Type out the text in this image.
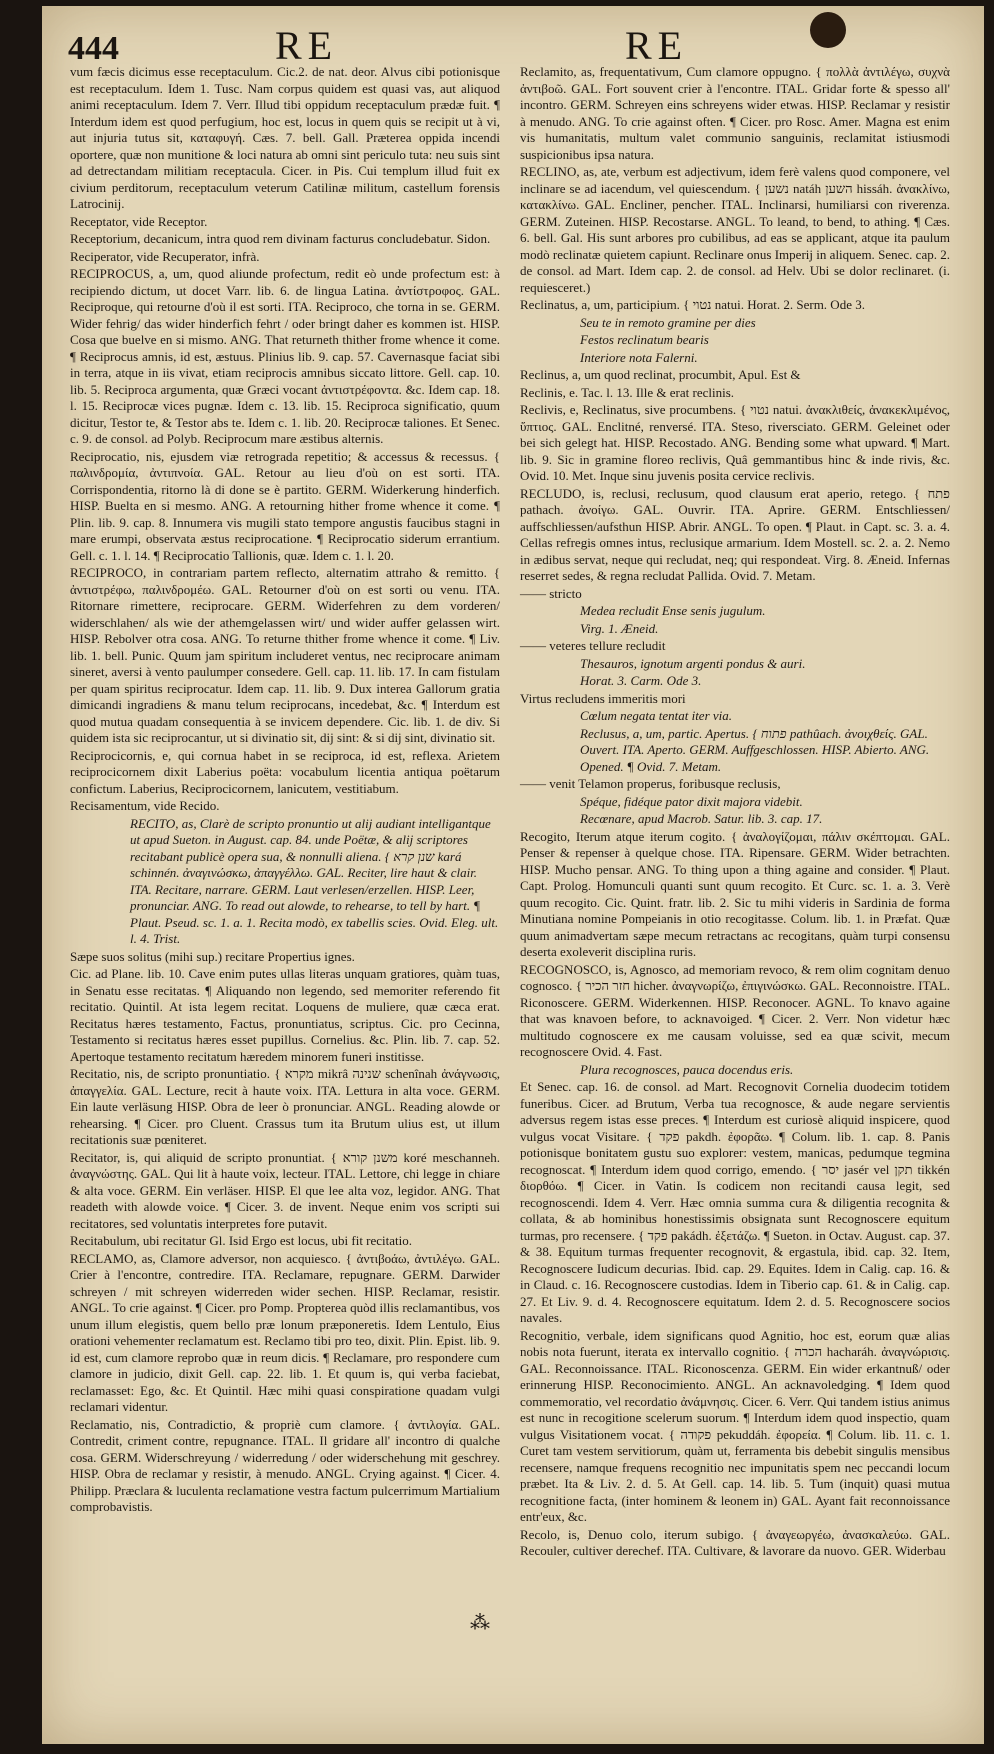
444	RE	RE

vum fæcis dicimus esse receptaculum. Cic.2. de nat. deor. Alvus cibi potionisque est receptaculum. Idem 1. Tusc. Nam corpus quidem est quasi vas, aut aliquod animi receptaculum. Idem 7. Verr. Illud tibi oppidum receptaculum prædæ fuit. ¶ Interdum idem est quod perfugium, hoc est, locus in quem quis se recipit ut à vi, aut injuria tutus sit, καταφυγή. Cæs. 7. bell. Gall. Præterea oppida incendi oportere, quæ non munitione & loci natura ab omni sint periculo tuta: neu suis sint ad detrectandam militiam receptacula. Cicer. in Pis. Cui templum illud fuit ex civium perditorum, receptaculum veterum Catilinæ militum, castellum forensis Latrocinij.

Receptator, vide Receptor.

Receptorium, decanicum, intra quod rem divinam facturus concludebatur. Sidon.

Reciperator, vide Recuperator, infrà.

RECIPROCUS, a, um, quod aliunde profectum, redit eò unde profectum est: à recipiendo dictum, ut docet Varr. lib. 6. de lingua Latina. ἀντίστροφος. GAL. Reciproque, qui retourne d'où il est sorti. ITA. Reciproco, che torna in se. GERM. Wider fehrig/ das wider hinderfich fehrt / oder bringt daher es kommen ist. HISP. Cosa que buelve en si mismo. ANG. That returneth thither frome whence it come. ¶ Reciprocus amnis, id est, æstuus. Plinius lib. 9. cap. 57. Cavernasque faciat sibi in terra, atque in iis vivat, etiam reciprocis amnibus siccato littore. Gell. cap. 10. lib. 5. Reciproca argumenta, quæ Græci vocant ἀντιστρέφοντα. &c. Idem cap. 18. l. 15. Reciprocæ vices pugnæ. Idem c. 13. lib. 15. Reciproca significatio, quum dicitur, Testor te, & Testor abs te. Idem c. 1. lib. 20. Reciprocæ taliones. Et Senec. c. 9. de consol. ad Polyb. Reciprocum mare æstibus alternis.

Reciprocatio, nis, ejusdem viæ retrograda repetitio; & accessus & recessus. { παλινδρομία, ἀντιπνοία. GAL. Retour au lieu d'où on est sorti. ITA. Corrispondentia, ritorno là di done se è partito. GERM. Widerkerung hinderfich. HISP. Buelta en si mesmo. ANG. A retourning hither frome whence it come. ¶ Plin. lib. 9. cap. 8. Innumera vis mugili stato tempore angustis faucibus stagni in mare erumpi, observata æstus reciprocatione. ¶ Reciprocatio siderum errantium. Gell. c. 1. l. 14. ¶ Reciprocatio Tallionis, quæ. Idem c. 1. l. 20.

RECIPROCO, in contrariam partem reflecto, alternatim attraho & remitto. { ἀντιστρέφω, παλινδρομέω. GAL. Retourner d'où on est sorti ou venu. ITA. Ritornare rimettere, reciprocare. GERM. Widerfehren zu dem vorderen/ widerschlahen/ als wie der athemgelassen wirt/ und wider auffer gelassen wirt. HISP. Rebolver otra cosa. ANG. To returne thither frome whence it come. ¶ Liv. lib. 1. bell. Punic. Quum jam spiritum includeret ventus, nec reciprocare animam sineret, aversi à vento paulumper consedere. Gell. cap. 11. lib. 17. In cam fistulam per quam spiritus reciprocatur. Idem cap. 11. lib. 9. Dux interea Gallorum gratia dimicandi ingradiens & manu telum reciprocans, incedebat, &c. ¶ Interdum est quod mutua quadam consequentia à se invicem dependere. Cic. lib. 1. de div. Si quidem ista sic reciprocantur, ut si divinatio sit, dij sint: & si dij sint, divinatio sit.

Reciprocicornis, e, qui cornua habet in se reciproca, id est, reflexa. Arietem reciprocicornem dixit Laberius poëta: vocabulum licentia antiqua poëtarum confictum. Laberius, Reciprocicornem, lanicutem, vestitiabum.

Recisamentum, vide Recido.

RECITO, as, Clarè de scripto pronuntio ut alij audiant intelligantque ut apud Sueton. in August. cap. 84. unde Poëtæ, & alij scriptores recitabant publicè opera sua, & nonnulli aliena. { שנן קרא kará schinnén. ἀναγινώσκω, ἀπαγγέλλω. GAL. Reciter, lire haut & clair. ITA. Recitare, narrare. GERM. Laut verlesen/erzellen. HISP. Leer, pronunciar. ANG. To read out alowde, to rehearse, to tell by hart. ¶ Plaut. Pseud. sc. 1. a. 1. Recita modò, ex tabellis scies. Ovid. Eleg. ult. l. 4. Trist.

Sæpe suos solitus (mihi sup.) recitare Propertius ignes.

Cic. ad Plane. lib. 10. Cave enim putes ullas literas unquam gratiores, quàm tuas, in Senatu esse recitatas. ¶ Aliquando non legendo, sed memoriter referendo fit recitatio. Quintil. At ista legem recitat. Loquens de muliere, quæ cæca erat. Recitatus hæres testamento, Factus, pronuntiatus, scriptus. Cic. pro Cecinna, Testamento si recitatus hæres esset pupillus. Cornelius. &c. Plin. lib. 7. cap. 52. Apertoque testamento recitatum hæredem minorem funeri institisse.

Recitatio, nis, de scripto pronuntiatio. { מקרא mikrâ שנינה schenînah ἀνάγνωσις, ἀπαγγελία. GAL. Lecture, recit à haute voix. ITA. Lettura in alta voce. GERM. Ein laute verläsung HISP. Obra de leer ò pronunciar. ANGL. Reading alowde or rehearsing. ¶ Cicer. pro Cluent. Crassus tum ita Brutum ulius est, ut illum recitationis suæ pœniteret.

Recitator, is, qui aliquid de scripto pronuntiat. { משנן קורא koré meschanneh. ἀναγνώστης. GAL. Qui lit à haute voix, lecteur. ITAL. Lettore, chi legge in chiare & alta voce. GERM. Ein verläser. HISP. El que lee alta voz, legidor. ANG. That readeth with alowde voice. ¶ Cicer. 3. de invent. Neque enim vos scripti sui recitatores, sed voluntatis interpretes fore putavit.

Recitabulum, ubi recitatur Gl. Isid Ergo est locus, ubi fit recitatio.

RECLAMO, as, Clamore adversor, non acquiesco. { ἀντιβοάω, ἀντιλέγω. GAL. Crier à l'encontre, contredire. ITA. Reclamare, repugnare. GERM. Darwider schreyen / mit schreyen widerreden wider sechen. HISP. Reclamar, resistir. ANGL. To crie against. ¶ Cicer. pro Pomp. Propterea quòd illis reclamantibus, vos unum illum elegistis, quem bello præ lonum præponeretis. Idem Lentulo, Eius orationi vehementer reclamatum est. Reclamo tibi pro teo, dixit. Plin. Epist. lib. 9. id est, cum clamore reprobo quæ in reum dicis. ¶ Reclamare, pro respondere cum clamore in judicio, dixit Gell. cap. 22. lib. 1. Et quum is, qui verba faciebat, reclamasset: Ego, &c. Et Quintil. Hæc mihi quasi conspiratione quadam vulgi reclamari videntur.

Reclamatio, nis, Contradictio, & propriè cum clamore. { ἀντιλογία. GAL. Contredit, criment contre, repugnance. ITAL. Il gridare all' incontro di qualche cosa. GERM. Widerschreyung / widerredung / oder widerschehung mit geschrey. HISP. Obra de reclamar y resistir, à menudo. ANGL. Crying against. ¶ Cicer. 4. Philipp. Præclara & luculenta reclamatione vestra factum pulcerrimum Martialium comprobavistis.

Reclamito, as, frequentativum, Cum clamore oppugno. { πολλὰ ἀντιλέγω, συχνὰ ἀντιβοῶ. GAL. Fort souvent crier à l'encontre. ITAL. Gridar forte & spesso all' incontro. GERM. Schreyen eins schreyens wider etwas. HISP. Reclamar y resistir à menudo. ANG. To crie against often. ¶ Cicer. pro Rosc. Amer. Magna est enim vis humanitatis, multum valet communio sanguinis, reclamitat istiusmodi suspicionibus ipsa natura.

RECLINO, as, ate, verbum est adjectivum, idem ferè valens quod componere, vel inclinare se ad iacendum, vel quiescendum. { נשען natáh השען hissáh. ἀνακλίνω, κατακλίνω. GAL. Encliner, pencher. ITAL. Inclinarsi, humiliarsi con riverenza. GERM. Zuteinen. HISP. Recostarse. ANGL. To leand, to bend, to athing. ¶ Cæs. 6. bell. Gal. His sunt arbores pro cubilibus, ad eas se applicant, atque ita paulum modò reclinatæ quietem capiunt. Reclinare onus Imperij in aliquem. Senec. cap. 2. de consol. ad Mart. Idem cap. 2. de consol. ad Helv. Ubi se dolor reclinaret. (i. requiesceret.)

Reclinatus, a, um, participium. { נטוי natui. Horat. 2. Serm. Ode 3.

Seu te in remoto gramine per dies

Festos reclinatum bearis

Interiore nota Falerni.

Reclinus, a, um quod reclinat, procumbit, Apul. Est &

Reclinis, e. Tac. l. 13. Ille & erat reclinis.

Reclivis, e, Reclinatus, sive procumbens. { נטוי natui. ἀνακλιθείς, ἀνακεκλιμένος, ὕπτιος. GAL. Enclitné, renversé. ITA. Steso, riversciato. GERM. Geleinet oder bei sich gelegt hat. HISP. Recostado. ANG. Bending some what upward. ¶ Mart. lib. 9. Sic in gramine floreo reclivis, Quâ gemmantibus hinc & inde rivis, &c. Ovid. 10. Met. Inque sinu juvenis posita cervice reclivis.

RECLUDO, is, reclusi, reclusum, quod clausum erat aperio, retego. { פתח pathach. ἀνοίγω. GAL. Ouvrir. ITA. Aprire. GERM. Entschliessen/ auffschliessen/aufsthun HISP. Abrir. ANGL. To open. ¶ Plaut. in Capt. sc. 3. a. 4. Cellas refregis omnes intus, reclusique armarium. Idem Mostell. sc. 2. a. 2. Nemo in ædibus servat, neque qui recludat, neq; qui respondeat. Virg. 8. Æneid. Infernas reserret sedes, & regna recludat Pallida. Ovid. 7. Metam.

—— stricto

Medea recludit Ense senis jugulum.

Virg. 1. Æneid.

—— veteres tellure recludit

Thesauros, ignotum argenti pondus & auri.

Horat. 3. Carm. Ode 3.

Virtus recludens immeritis mori

Cœlum negata tentat iter via.

Reclusus, a, um, partic. Apertus. { פתוח pathûach. ἀνοιχθείς. GAL. Ouvert. ITA. Aperto. GERM. Auffgeschlossen. HISP. Abierto. ANG. Opened. ¶ Ovid. 7. Metam.

—— venit Telamon properus, foribusque reclusis,

Spéque, fidéque pator dixit majora videbit.

Recœnare, apud Macrob. Satur. lib. 3. cap. 17.

Recogito, Iterum atque iterum cogito. { ἀναλογίζομαι, πάλιν σκέπτομαι. GAL. Penser & repenser à quelque chose. ITA. Ripensare. GERM. Wider betrachten. HISP. Mucho pensar. ANG. To thing upon a thing againe and consider. ¶ Plaut. Capt. Prolog. Homunculi quanti sunt quum recogito. Et Curc. sc. 1. a. 3. Verè quum recogito. Cic. Quint. fratr. lib. 2. Sic tu mihi videris in Sardinia de forma Minutiana nomine Pompeianis in otio recogitasse. Colum. lib. 1. in Præfat. Quæ quum animadvertam sæpe mecum retractans ac recogitans, quàm turpi consensu deserta exoleverit disciplina ruris.

RECOGNOSCO, is, Agnosco, ad memoriam revoco, & rem olim cognitam denuo cognosco. { חזר הכיר hicher. ἀναγνωρίζω, ἐπιγινώσκω. GAL. Reconnoistre. ITAL. Riconoscere. GERM. Widerkennen. HISP. Reconocer. AGNL. To knavo againe that was knavoen before, to acknavoiged. ¶ Cicer. 2. Verr. Non videtur hæc multitudo cognoscere ex me causam voluisse, sed ea quæ scivit, mecum recognoscere Ovid. 4. Fast.

Plura recognosces, pauca docendus eris.

Et Senec. cap. 16. de consol. ad Mart. Recognovit Cornelia duodecim totidem funeribus. Cicer. ad Brutum, Verba tua recognosce, & aude negare servientis adversus regem istas esse preces. ¶ Interdum est curiosè aliquid inspicere, quod vulgus vocat Visitare. { פקד pakdh. ἐφορᾶω. ¶ Colum. lib. 1. cap. 8. Panis potionisque bonitatem gustu suo explorer: vestem, manicas, pedumque tegmina recognoscat. ¶ Interdum idem quod corrigo, emendo. { יסר jasér vel תקן tikkén διορθόω. ¶ Cicer. in Vatin. Is codicem non recitandi causa legit, sed recognoscendi. Idem 4. Verr. Hæc omnia summa cura & diligentia recognita & collata, & ab hominibus honestissimis obsignata sunt Recognoscere equitum turmas, pro recensere. { פקד pakádh. ἐξετάζω. ¶ Sueton. in Octav. August. cap. 37. & 38. Equitum turmas frequenter recognovit, & ergastula, ibid. cap. 32. Item, Recognoscere Iudicum decurias. Ibid. cap. 29. Equites. Idem in Calig. cap. 16. & in Claud. c. 16. Recognoscere custodias. Idem in Tiberio cap. 61. & in Calig. cap. 27. Et Liv. 9. d. 4. Recognoscere equitatum. Idem 2. d. 5. Recognoscere socios navales.

Recognitio, verbale, idem significans quod Agnitio, hoc est, eorum quæ alias nobis nota fuerunt, iterata ex intervallo cognitio. { הכרה hacharáh. ἀναγνώρισις. GAL. Reconnoissance. ITAL. Riconoscenza. GERM. Ein wider erkantnuß/ oder erinnerung HISP. Reconocimiento. ANGL. An acknavoledging. ¶ Idem quod commemoratio, vel recordatio ἀνάμνησις. Cicer. 6. Verr. Qui tandem istius animus est nunc in recogitione scelerum suorum. ¶ Interdum idem quod inspectio, quam vulgus Visitationem vocat. { פקודה pekuddáh. ἐφορεία. ¶ Colum. lib. 11. c. 1. Curet tam vestem servitiorum, quàm ut, ferramenta bis debebit singulis mensibus recensere, namque frequens recognitio nec impunitatis spem nec peccandi locum præbet. Ita & Liv. 2. d. 5. At Gell. cap. 14. lib. 5. Tum (inquit) quasi mutua recognitione facta, (inter hominem & leonem in) GAL. Ayant fait reconnoissance entr'eux, &c.

Recolo, is, Denuo colo, iterum subigo. { ἀναγεωργέω, ἀνασκαλεύω. GAL. Recouler, cultiver derechef. ITA. Cultivare, & lavorare da nuovo. GER. Widerbau

⁂
